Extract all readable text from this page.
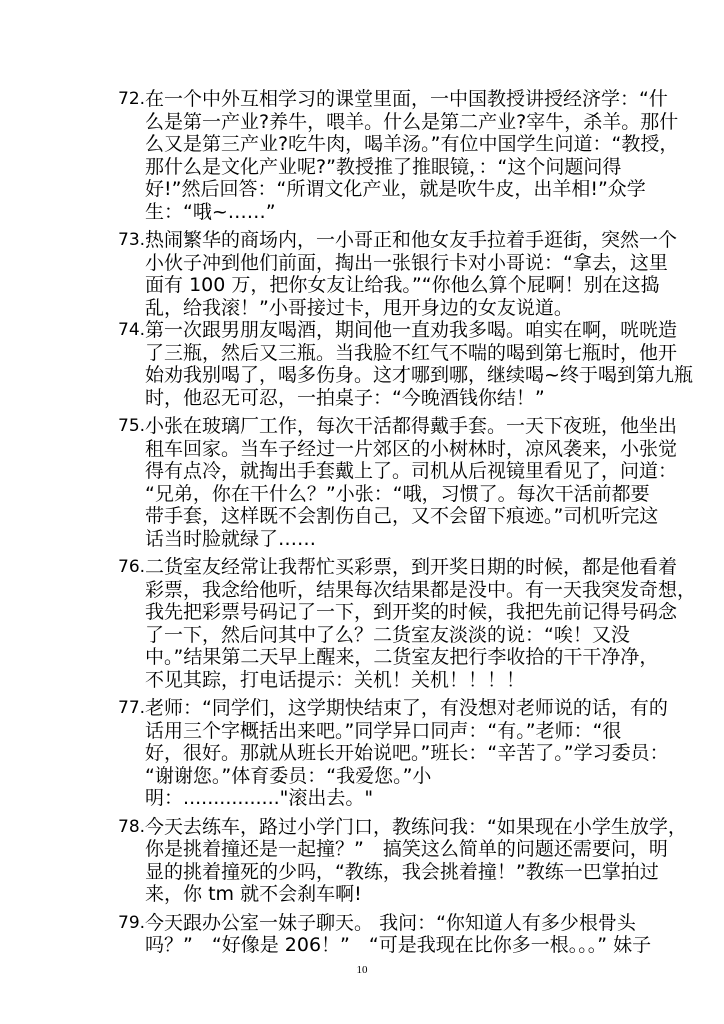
72. 在一个中外互相学习的课堂里面，一中国教授讲授经济学：“什
么是第一产业?养牛，喂羊。什么是第二产业?宰牛，杀羊。那什
么又是第三产业?吃牛肉，喝羊汤。”有位中国学生问道：“教授，
那什么是文化产业呢?”教授推了推眼镜，：“这个问题问得
好!”然后回答：“所谓文化产业，就是吹牛皮，出羊相!”众学
生：“哦~……”
73. 热闹繁华的商场内，一小哥正和他女友手拉着手逛街，突然一个
小伙子冲到他们前面，掏出一张银行卡对小哥说：“拿去，这里
面有 100 万，把你女友让给我。”“你他么算个屁啊！别在这捣
乱，给我滚！”小哥接过卡，甩开身边的女友说道。
74. 第一次跟男朋友喝酒，期间他一直劝我多喝。咱实在啊，咣咣造
了三瓶，然后又三瓶。当我脸不红气不喘的喝到第七瓶时，他开
始劝我别喝了，喝多伤身。这才哪到哪，继续喝~终于喝到第九瓶
时，他忍无可忍，一拍桌子：“今晚酒钱你结！”
75. 小张在玻璃厂工作，每次干活都得戴手套。一天下夜班，他坐出
租车回家。当车子经过一片郊区的小树林时，凉风袭来，小张觉
得有点冷，就掏出手套戴上了。司机从后视镜里看见了，问道：
“兄弟，你在干什么？”小张：“哦，习惯了。每次干活前都要
带手套，这样既不会割伤自己，又不会留下痕迹。”司机听完这
话当时脸就绿了……
76. 二货室友经常让我帮忙买彩票，到开奖日期的时候，都是他看着
彩票，我念给他听，结果每次结果都是没中。有一天我突发奇想，
我先把彩票号码记了一下，到开奖的时候，我把先前记得号码念
了一下，然后问其中了么？二货室友淡淡的说：“唉！又没
中。”结果第二天早上醒来，二货室友把行李收拾的干干净净，
不见其踪，打电话提示：关机！关机！！！！
77. 老师：“同学们，这学期快结束了，有没想对老师说的话，有的
话用三个字概括出来吧。”同学异口同声：“有。”老师：“很
好，很好。那就从班长开始说吧。”班长：“辛苦了。”学习委员：
“谢谢您。”体育委员：“我爱您。”小
明：................"滚出去。"
78. 今天去练车，路过小学门口，教练问我：“如果现在小学生放学，
你是挑着撞还是一起撞？”　搞笑这么简单的问题还需要问，明
显的挑着撞死的少吗，“教练，我会挑着撞！”教练一巴掌拍过
来，你 tm 就不会刹车啊!
79. 今天跟办公室一妹子聊天。 我问：“你知道人有多少根骨头
吗？”　“好像是 206！”　“可是我现在比你多一根。。。” 妹子
10
